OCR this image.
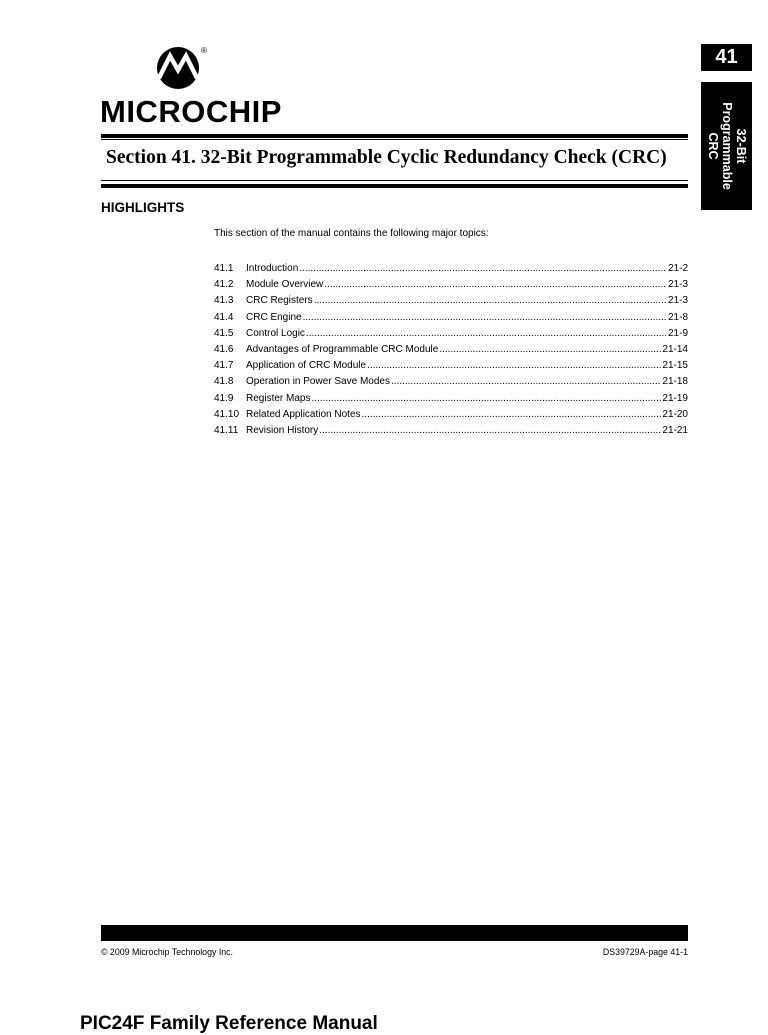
®
MICROCHIP
Section 41. 32-Bit Programmable Cyclic Redundancy Check (CRC)
41
32-Bit
Programmable
CRC
HIGHLIGHTS
This section of the manual contains the following major topics:
41.1	Introduction .....	21-2
41.2	Module Overview .....	21-3
41.3	CRC Registers .....	21-3
41.4	CRC Engine .....	21-8
41.5	Control Logic .....	21-9
41.6	Advantages of Programmable CRC Module .....	21-14
41.7	Application of CRC Module .....	21-15
41.8	Operation in Power Save Modes .....	21-18
41.9	Register Maps .....	21-19
41.10 Related Application Notes .....	21-20
41.11 Revision History .....	21-21
© 2009 Microchip Technology Inc.	DS39729A-page 41-1
PIC24F Family Reference Manual
